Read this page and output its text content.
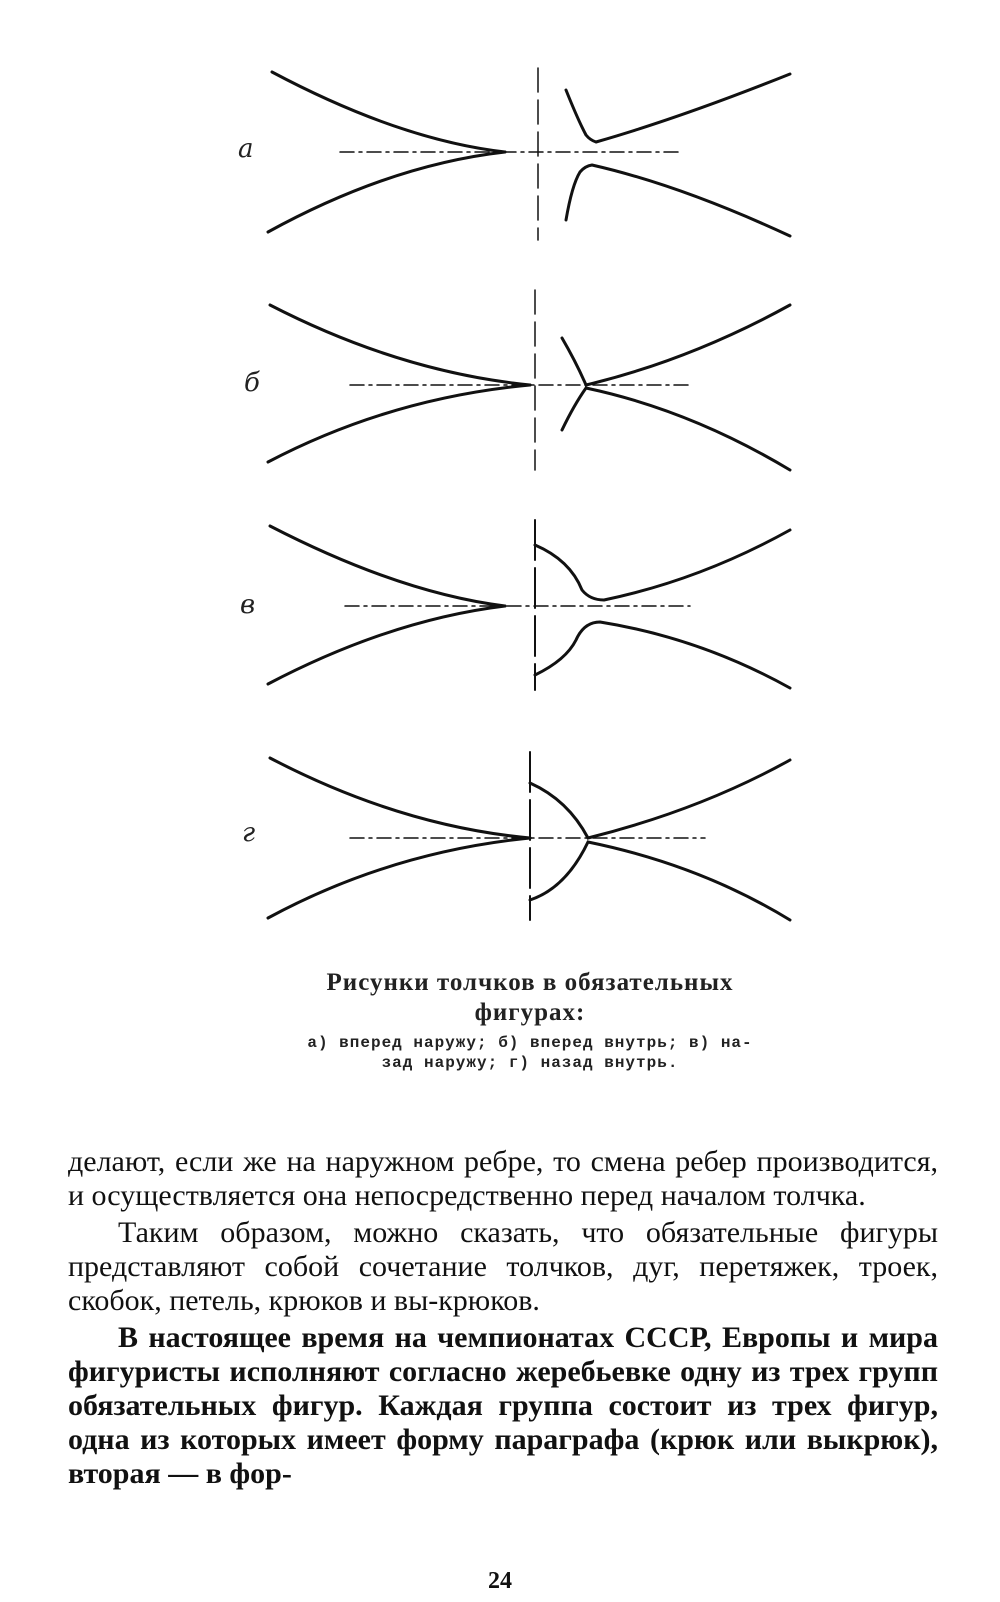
а
б
в
г
Рисунки толчков в обязательных
фигурах:
а) вперед наружу; б) вперед внутрь; в) на-
зад наружу; г) назад внутрь.

делают, если же на наружном ребре, то смена ребер производится, и осуществляется она непосредственно перед началом толчка.

Таким образом, можно сказать, что обязательные фигуры представляют собой сочетание толчков, дуг, перетяжек, троек, скобок, петель, крюков и вы-крюков.

В настоящее время на чемпионатах СССР, Европы и мира фигуристы исполняют согласно жеребьевке одну из трех групп обязательных фигур. Каждая группа состоит из трех фигур, одна из которых имеет форму параграфа (крюк или выкрюк), вторая — в фор-

24
